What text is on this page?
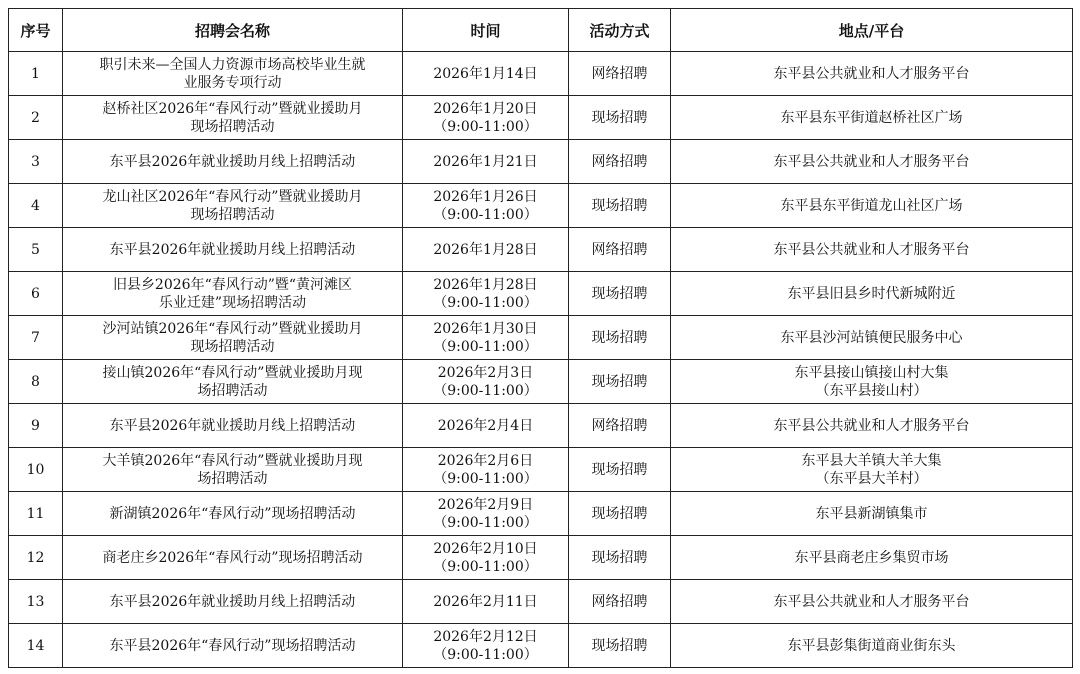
序号	招聘会名称	时间	活动方式	地点/平台
1	职引未来—全国人力资源市场高校毕业生就
业服务专项行动	2026年1月14日	网络招聘	东平县公共就业和人才服务平台

2	赵桥社区2026年“春风行动”暨就业援助月
现场招聘活动	2026年1月20日
（9:00-11:00）	现场招聘	东平县东平街道赵桥社区广场

3	东平县2026年就业援助月线上招聘活动	2026年1月21日	网络招聘	东平县公共就业和人才服务平台

4	龙山社区2026年“春风行动”暨就业援助月
现场招聘活动	2026年1月26日
（9:00-11:00）	现场招聘	东平县东平街道龙山社区广场

5	东平县2026年就业援助月线上招聘活动	2026年1月28日	网络招聘	东平县公共就业和人才服务平台

6	旧县乡2026年“春风行动”暨“黄河滩区
乐业迁建”现场招聘活动	2026年1月28日
（9:00-11:00）	现场招聘	东平县旧县乡时代新城附近

7	沙河站镇2026年“春风行动”暨就业援助月
现场招聘活动	2026年1月30日
（9:00-11:00）	现场招聘	东平县沙河站镇便民服务中心

8	接山镇2026年“春风行动”暨就业援助月现
场招聘活动	2026年2月3日
（9:00-11:00）	现场招聘	东平县接山镇接山村大集
（东平县接山村）

9	东平县2026年就业援助月线上招聘活动	2026年2月4日	网络招聘	东平县公共就业和人才服务平台

10	大羊镇2026年“春风行动”暨就业援助月现
场招聘活动	2026年2月6日
（9:00-11:00）	现场招聘	东平县大羊镇大羊大集
（东平县大羊村）

11	新湖镇2026年“春风行动”现场招聘活动	2026年2月9日
（9:00-11:00）	现场招聘	东平县新湖镇集市

12	商老庄乡2026年“春风行动”现场招聘活动	2026年2月10日
（9:00-11:00）	现场招聘	东平县商老庄乡集贸市场

13	东平县2026年就业援助月线上招聘活动	2026年2月11日	网络招聘	东平县公共就业和人才服务平台

14	东平县2026年“春风行动”现场招聘活动	2026年2月12日
（9:00-11:00）	现场招聘	东平县彭集街道商业街东头
